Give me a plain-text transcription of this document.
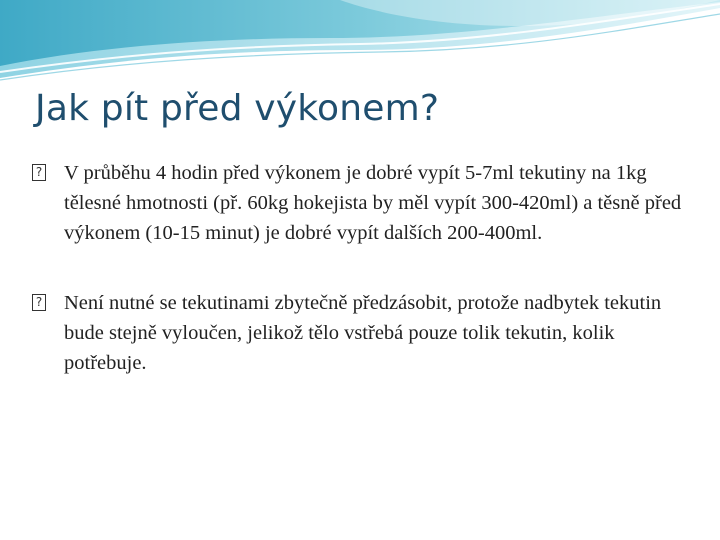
Jak pít před výkonem?
? V průběhu 4 hodin před výkonem je dobré vypít 5-7ml tekutiny na 1kg tělesné hmotnosti (př. 60kg hokejista by měl vypít 300-420ml) a těsně před výkonem (10-15 minut) je dobré vypít dalších 200-400ml.
? Není nutné se tekutinami zbytečně předzásobit, protože nadbytek tekutin bude stejně vyloučen, jelikož tělo vstřebá pouze tolik tekutin, kolik potřebuje.
